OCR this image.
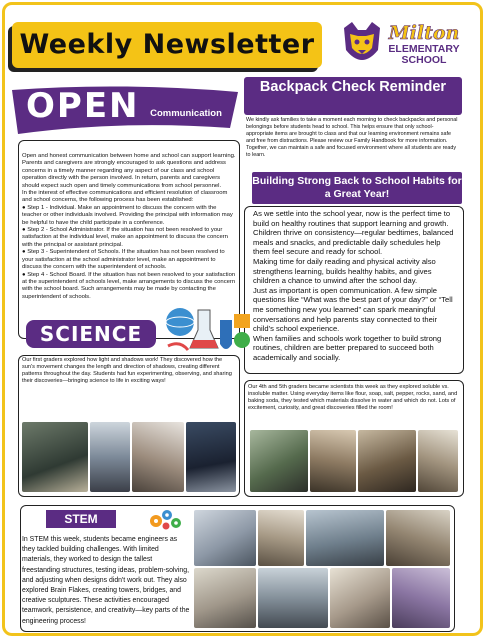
Weekly Newsletter	Milton
ELEMENTARY SCHOOL
OPEN	Communication

Open and honest communication between home and school can support learning. Parents and caregivers are strongly encouraged to ask questions and address concerns in a timely manner regarding any aspect of our class and school operation directly with the person involved. In return, parents and caregivers should expect such open and timely communications from school personnel.

In the interest of effective communications and efficient resolution of classroom and school concerns, the following process has been established:

● Step 1 - Individual. Make an appointment to discuss the concern with the teacher or other individuals involved. Providing the principal with information may be helpful to have the child participate in a conference.

● Step 2 - School Administrator. If the situation has not been resolved to your satisfaction at the individual level, make an appointment to discuss the concern with the principal or assistant principal.

● Step 3 - Superintendent of Schools. If the situation has not been resolved to your satisfaction at the school administrator level, make an appointment to discuss the concern with the superintendent of schools.

● Step 4 - School Board. If the situation has not been resolved to your satisfaction at the superintendent of schools level, make arrangements to discuss the concern with the school board. Such arrangements may be made by contacting the superintendent of schools.

Backpack Check Reminder
We kindly ask families to take a moment each morning to check backpacks and personal belongings before students head to school. This helps ensure that only school-appropriate items are brought to class and that our learning environment remains safe and free from distractions. Please review our Family Handbook for more information. Together, we can maintain a safe and focused environment where all students are ready to learn.
Building Strong Back to School Habits for a Great Year!
As we settle into the school year, now is the perfect time to build on healthy routines that support learning and growth. Children thrive on consistency—regular bedtimes, balanced meals and snacks, and predictable daily schedules help them feel secure and ready for school.
Making time for daily reading and physical activity also strengthens learning, builds healthy habits, and gives children a chance to unwind after the school day.
Just as important is open communication. A few simple questions like “What was the best part of your day?” or “Tell me something new you learned” can spark meaningful conversations and help parents stay connected to their child's school experience.
When families and schools work together to build strong routines, children are better prepared to succeed both academically and socially.
SCIENCE
Our first graders explored how light and shadows work! They discovered how the sun's movement changes the length and direction of shadows, creating different patterns throughout the day. Students had fun experimenting, observing, and sharing their discoveries—bringing science to life in exciting ways!
Our 4th and 5th graders became scientists this week as they explored soluble vs. insoluble matter. Using everyday items like flour, soap, salt, pepper, rocks, sand, and baking soda, they tested which materials dissolve in water and which do not. Lots of excitement, curiosity, and great discoveries filled the room!
STEM
In STEM this week, students became engineers as they tackled building challenges. With limited materials, they worked to design the tallest freestanding structures, testing ideas, problem-solving, and adjusting when designs didn't work out. They also explored Brain Flakes, creating towers, bridges, and creative sculptures. These activities encouraged teamwork, persistence, and creativity—key parts of the engineering process!
